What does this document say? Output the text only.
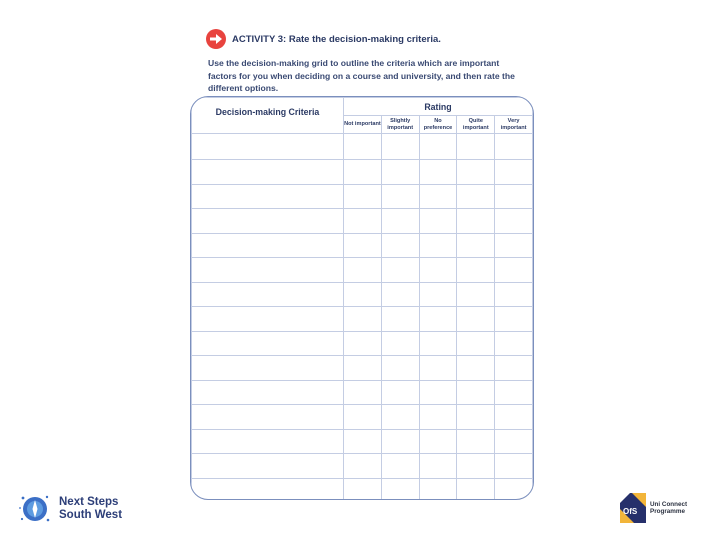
ACTIVITY 3: Rate the decision-making criteria.
Use the decision-making grid to outline the criteria which are important factors for you when deciding on a course and university, and then rate the different options.
Decision-making Criteria	Rating				
	Not important	Slightly important	No preference	Quite important	Very important

Next Steps
South West	OfS
Uni Connect
Programme
